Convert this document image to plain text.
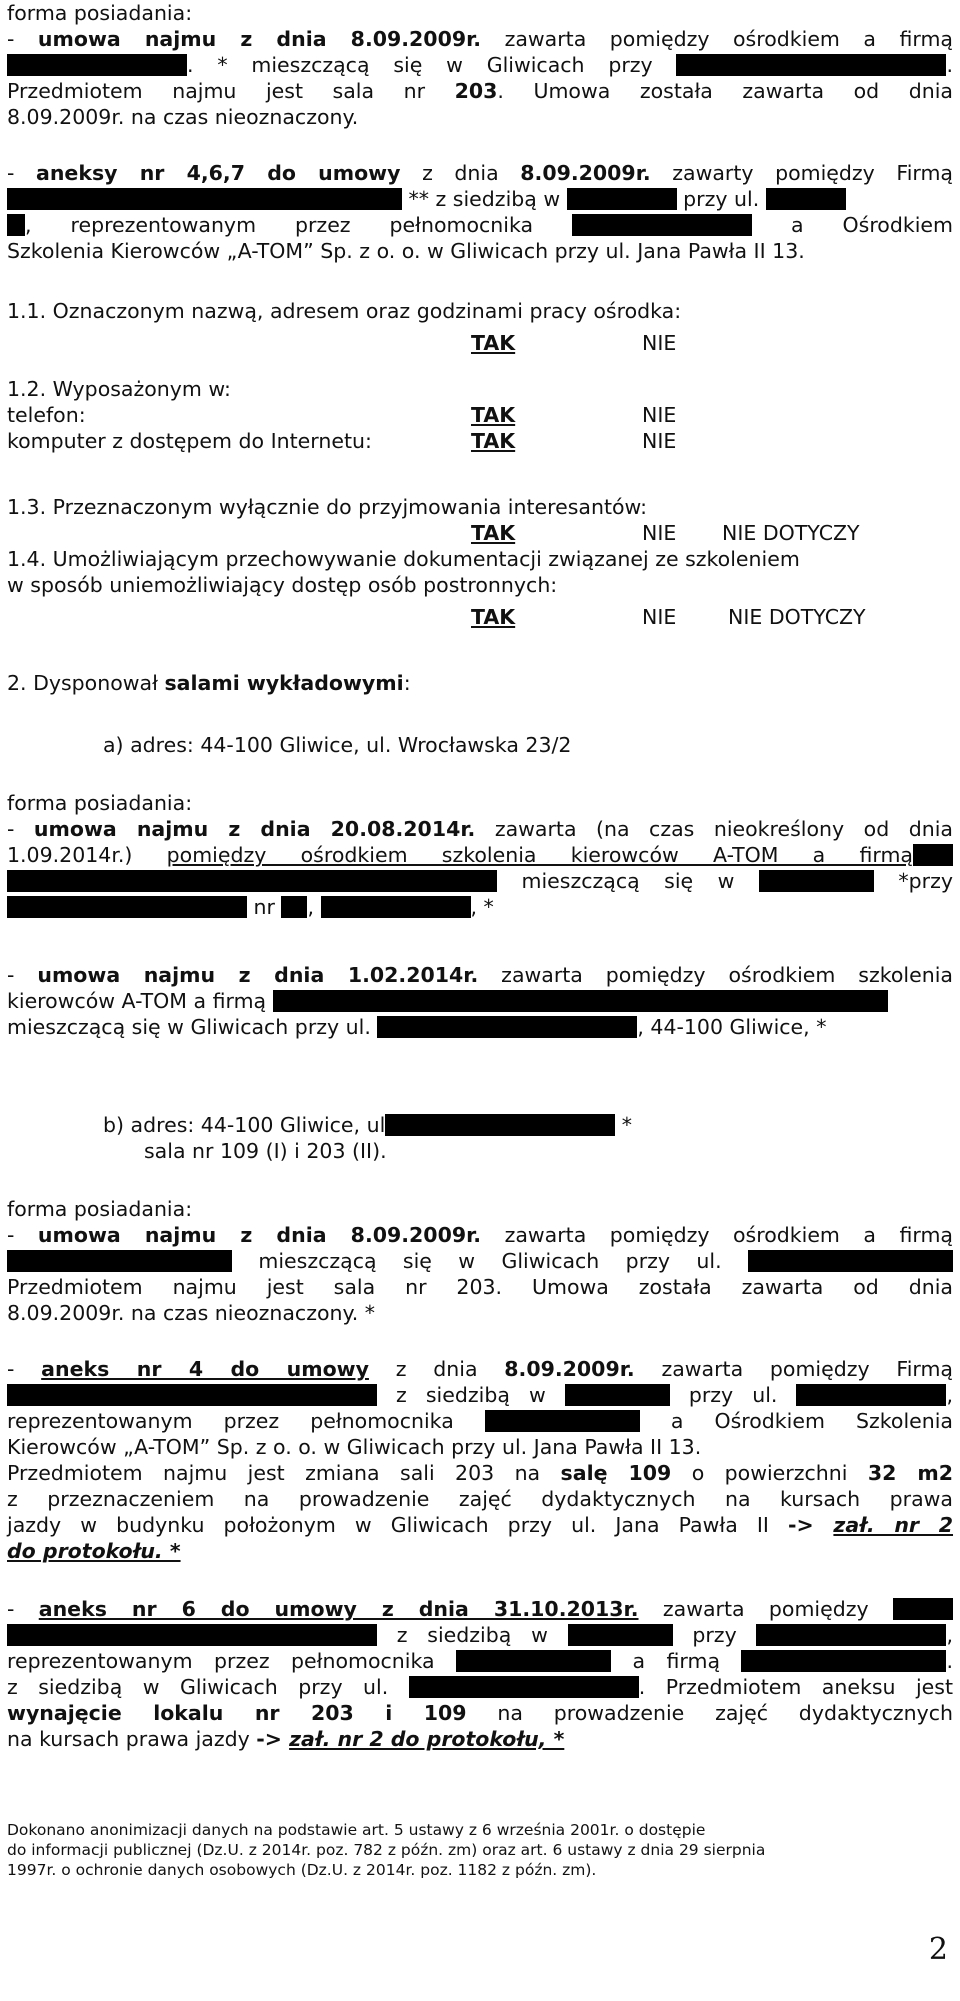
forma posiadania:
- umowa najmu z dnia 8.09.2009r. zawarta pomiędzy ośrodkiem a firmą
. * mieszczącą się w Gliwicach przy	.
Przedmiotem najmu jest sala nr 203. Umowa została zawarta od dnia
8.09.2009r. na czas nieoznaczony.
- aneksy nr 4,6,7 do umowy z dnia 8.09.2009r. zawarty pomiędzy Firmą
** z siedzibą w	przy ul.
, reprezentowanym przez pełnomocnika	a Ośrodkiem
Szkolenia Kierowców „A-TOM” Sp. z o. o. w Gliwicach przy ul. Jana Pawła II 13.
1.1. Oznaczonym nazwą, adresem oraz godzinami pracy ośrodka:
TAK	NIE
1.2. Wyposażonym w:
telefon:	TAK	NIE
komputer z dostępem do Internetu:	TAK	NIE
1.3. Przeznaczonym wyłącznie do przyjmowania interesantów:
TAK	NIE NIE DOTYCZY
1.4. Umożliwiającym przechowywanie dokumentacji związanej ze szkoleniem
w sposób uniemożliwiający dostęp osób postronnych:
TAK	NIE	NIE DOTYCZY
2. Dysponował salami wykładowymi:
a) adres: 44-100 Gliwice, ul. Wrocławska 23/2
forma posiadania:
- umowa najmu z dnia 20.08.2014r. zawarta (na czas nieokreślony od dnia
1.09.2014r.) pomiędzy ośrodkiem szkolenia kierowców A-TOM a firmą
mieszczącą się w	*przy
nr ,	, *
- umowa najmu z dnia 1.02.2014r. zawarta pomiędzy ośrodkiem szkolenia
kierowców A-TOM a firmą
mieszczącą się w Gliwicach przy ul.	, 44-100 Gliwice, *
b) adres: 44-100 Gliwice, ul	*
sala nr 109 (I) i 203 (II).
forma posiadania:
- umowa najmu z dnia 8.09.2009r. zawarta pomiędzy ośrodkiem a firmą
mieszczącą się w Gliwicach przy ul.
Przedmiotem najmu jest sala nr 203. Umowa została zawarta od dnia
8.09.2009r. na czas nieoznaczony. *
- aneks nr 4 do umowy z dnia 8.09.2009r. zawarta pomiędzy Firmą
z siedzibą w	przy ul.	,
reprezentowanym przez pełnomocnika	a Ośrodkiem Szkolenia
Kierowców „A-TOM” Sp. z o. o. w Gliwicach przy ul. Jana Pawła II 13.
Przedmiotem najmu jest zmiana sali 203 na salę 109 o powierzchni 32 m2
z przeznaczeniem na prowadzenie zajęć dydaktycznych na kursach prawa
jazdy w budynku położonym w Gliwicach przy ul. Jana Pawła II -> zał. nr 2
do protokołu. *
- aneks nr 6 do umowy z dnia 31.10.2013r. zawarta pomiędzy
z siedzibą w	przy	,
reprezentowanym przez pełnomocnika	a firmą	.
z siedzibą w Gliwicach przy ul.	. Przedmiotem aneksu jest
wynajęcie lokalu nr 203 i 109 na prowadzenie zajęć dydaktycznych
na kursach prawa jazdy -> zał. nr 2 do protokołu, *
Dokonano anonimizacji danych na podstawie art. 5 ustawy z 6 września 2001r. o dostępie
do informacji publicznej (Dz.U. z 2014r. poz. 782 z późn. zm) oraz art. 6 ustawy z dnia 29 sierpnia
1997r. o ochronie danych osobowych (Dz.U. z 2014r. poz. 1182 z późn. zm).
2
